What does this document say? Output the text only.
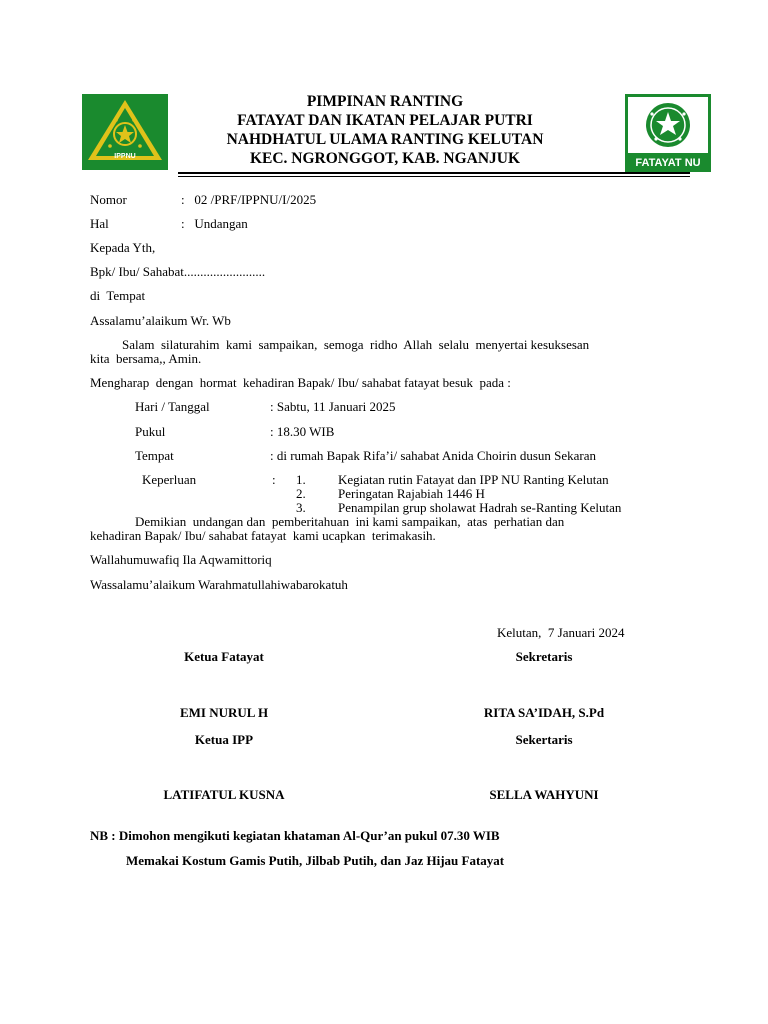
IPPNU
FATAYAT NU
PIMPINAN RANTING
FATAYAT DAN IKATAN PELAJAR PUTRI
NAHDHATUL ULAMA RANTING KELUTAN
KEC. NGRONGGOT, KAB. NGANJUK
Nomor	:   02 /PRF/IPPNU/I/2025
Hal	:   Undangan
Kepada Yth,
Bpk/ Ibu/ Sahabat.........................
di  Tempat
Assalamu’alaikum Wr. Wb
Salam  silaturahim  kami  sampaikan,  semoga  ridho  Allah  selalu  menyertai kesuksesan
kita  bersama,, Amin.
Mengharap  dengan  hormat  kehadiran Bapak/ Ibu/ sahabat fatayat besuk  pada :
Hari / Tanggal	: Sabtu, 11 Januari 2025
Pukul	: 18.30 WIB
Tempat	: di rumah Bapak Rifa’i/ sahabat Anida Choirin dusun Sekaran
Keperluan	: 1. Kegiatan rutin Fatayat dan IPP NU Ranting Kelutan
2. Peringatan Rajabiah 1446 H
3. Penampilan grup sholawat Hadrah se-Ranting Kelutan
Demikian  undangan dan  pemberitahuan  ini kami sampaikan,  atas  perhatian dan
kehadiran Bapak/ Ibu/ sahabat fatayat  kami ucapkan  terimakasih.
Wallahumuwafiq Ila Aqwamittoriq
Wassalamu’alaikum Warahmatullahiwabarokatuh
Kelutan,  7 Januari 2024
Ketua Fatayat	Sekretaris
EMI NURUL H	RITA SA’IDAH, S.Pd
Ketua IPP	Sekertaris
LATIFATUL KUSNA	SELLA WAHYUNI
NB : Dimohon mengikuti kegiatan khataman Al-Qur’an pukul 07.30 WIB
Memakai Kostum Gamis Putih, Jilbab Putih, dan Jaz Hijau Fatayat
